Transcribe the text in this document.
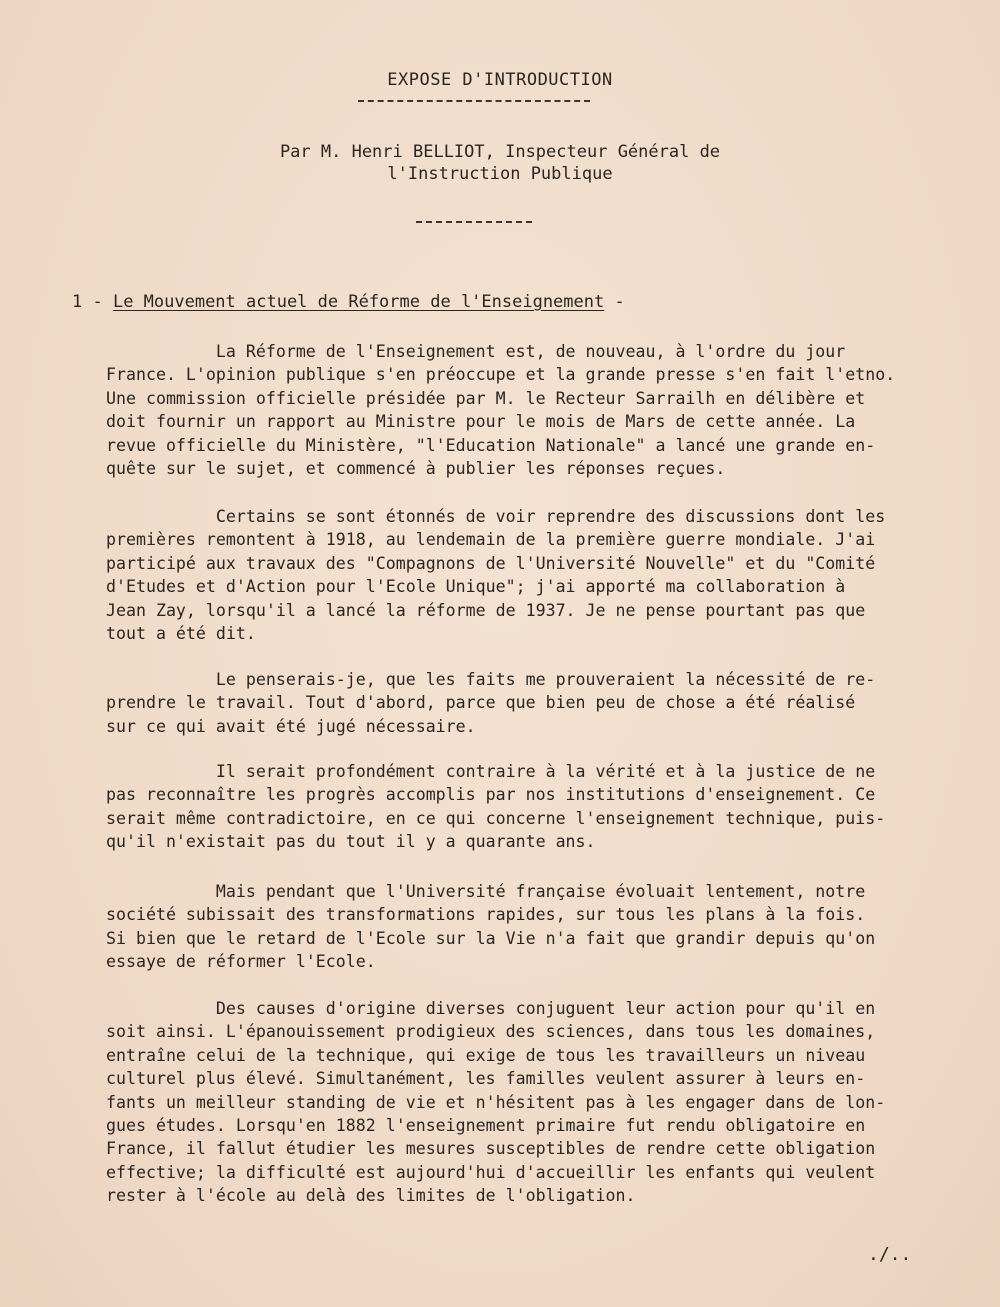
EXPOSE D'INTRODUCTION
Par M. Henri BELLIOT, Inspecteur Général de
l'Instruction Publique
1 - Le Mouvement actuel de Réforme de l'Enseignement -
La Réforme de l'Enseignement est, de nouveau, à l'ordre du jour
France. L'opinion publique s'en préoccupe et la grande presse s'en fait l'etno.
Une commission officielle présidée par M. le Recteur Sarrailh en délibère et
doit fournir un rapport au Ministre pour le mois de Mars de cette année. La
revue officielle du Ministère, "l'Education Nationale" a lancé une grande en-
quête sur le sujet, et commencé à publier les réponses reçues.
Certains se sont étonnés de voir reprendre des discussions dont les
premières remontent à 1918, au lendemain de la première guerre mondiale. J'ai
participé aux travaux des "Compagnons de l'Université Nouvelle" et du "Comité
d'Etudes et d'Action pour l'Ecole Unique"; j'ai apporté ma collaboration à
Jean Zay, lorsqu'il a lancé la réforme de 1937. Je ne pense pourtant pas que
tout a été dit.
Le penserais-je, que les faits me prouveraient la nécessité de re-
prendre le travail. Tout d'abord, parce que bien peu de chose a été réalisé
sur ce qui avait été jugé nécessaire.
Il serait profondément contraire à la vérité et à la justice de ne
pas reconnaître les progrès accomplis par nos institutions d'enseignement. Ce
serait même contradictoire, en ce qui concerne l'enseignement technique, puis-
qu'il n'existait pas du tout il y a quarante ans.
Mais pendant que l'Université française évoluait lentement, notre
société subissait des transformations rapides, sur tous les plans à la fois.
Si bien que le retard de l'Ecole sur la Vie n'a fait que grandir depuis qu'on
essaye de réformer l'Ecole.
Des causes d'origine diverses conjuguent leur action pour qu'il en
soit ainsi. L'épanouissement prodigieux des sciences, dans tous les domaines,
entraîne celui de la technique, qui exige de tous les travailleurs un niveau
culturel plus élevé. Simultanément, les familles veulent assurer à leurs en-
fants un meilleur standing de vie et n'hésitent pas à les engager dans de lon-
gues études. Lorsqu'en 1882 l'enseignement primaire fut rendu obligatoire en
France, il fallut étudier les mesures susceptibles de rendre cette obligation
effective; la difficulté est aujourd'hui d'accueillir les enfants qui veulent
rester à l'école au delà des limites de l'obligation.
./..
